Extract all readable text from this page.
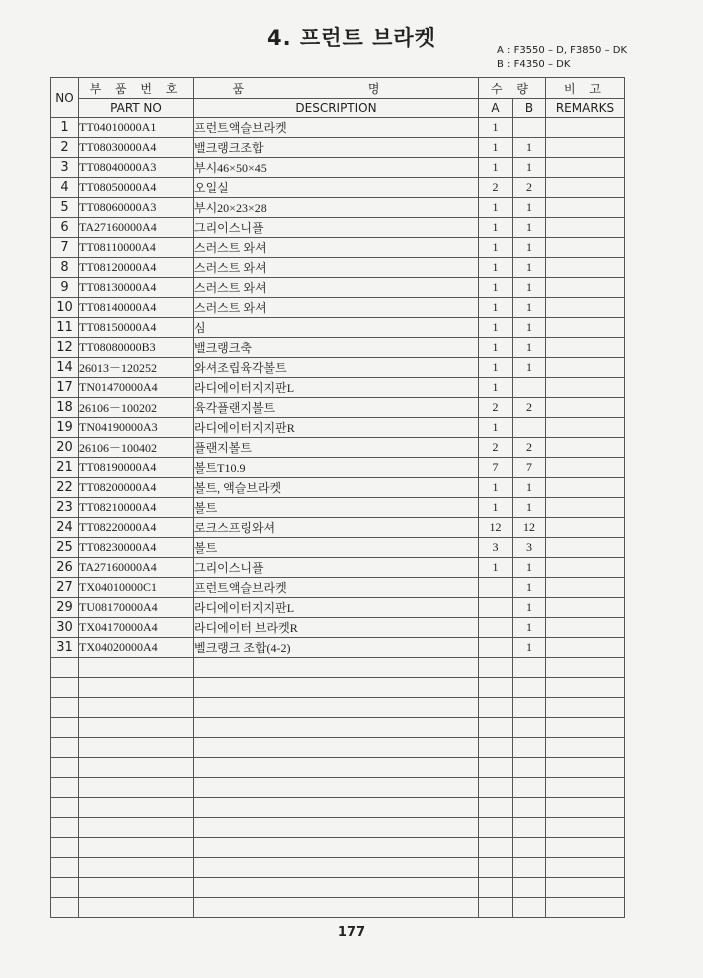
4. 프런트 브라켓
A : F3550 – D, F3850 – DK
B : F4350 – DK
NO	부 품 번 호	품 명	수 량		비 고
	PART NO	DESCRIPTION	A	B	REMARKS
1	TT04010000A1	프런트액슬브라켓	1		
2	TT08030000A4	밸크랭크조합	1	1	
3	TT08040000A3	부시46×50×45	1	1	
4	TT08050000A4	오일실	2	2	
5	TT08060000A3	부시20×23×28	1	1	
6	TA27160000A4	그리이스니플	1	1	
7	TT08110000A4	스러스트 와셔	1	1	
8	TT08120000A4	스러스트 와셔	1	1	
9	TT08130000A4	스러스트 와셔	1	1	
10	TT08140000A4	스러스트 와셔	1	1	
11	TT08150000A4	심	1	1	
12	TT08080000B3	밸크랭크축	1	1	
14	26013－120252	와셔조립육각볼트	1	1	
17	TN01470000A4	라디에이터지지판L	1		
18	26106－100202	육각플랜지볼트	2	2	
19	TN04190000A3	라디에이터지지판R	1		
20	26106－100402	플랜지볼트	2	2	
21	TT08190000A4	볼트T10.9	7	7	
22	TT08200000A4	볼트, 액슬브라켓	1	1	
23	TT08210000A4	볼트	1	1	
24	TT08220000A4	로크스프링와셔	12	12	
25	TT08230000A4	볼트	3	3	
26	TA27160000A4	그리이스니플	1	1	
27	TX04010000C1	프런트액슬브라켓		1	
29	TU08170000A4	라디에이터지지판L		1	
30	TX04170000A4	라디에이터 브라켓R		1	
31	TX04020000A4	벨크랭크 조합(4-2)		1	

177
